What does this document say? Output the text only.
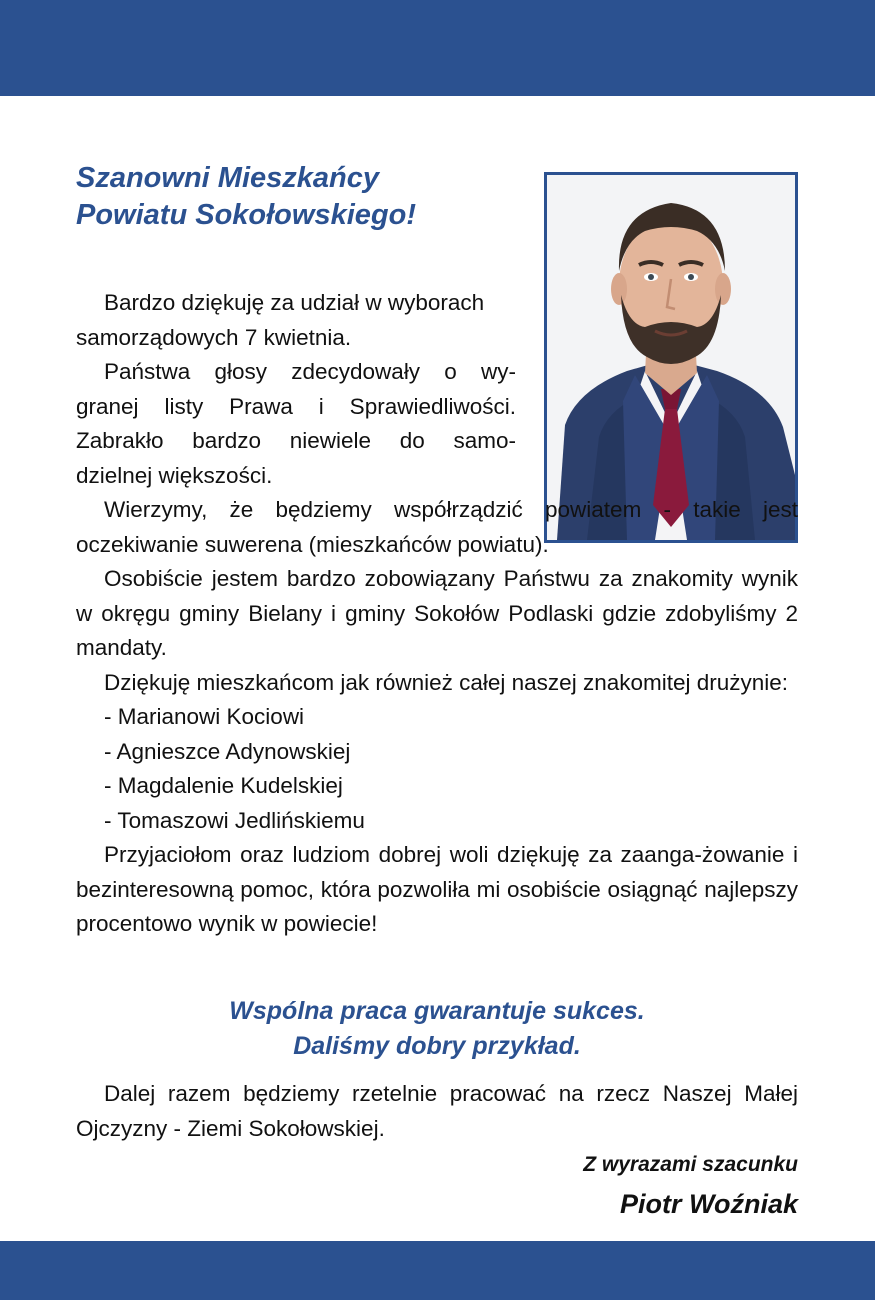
Szanowni Mieszkańcy
Powiatu Sokołowskiego!
Bardzo dziękuję za udział w wyborach
samorządowych 7 kwietnia.
Państwa głosy zdecydowały o wy-
granej listy Prawa i Sprawiedliwości.
Zabrakło bardzo niewiele do samo-
dzielnej większości.
Wierzymy, że będziemy współrządzić powiatem - takie jest oczekiwanie suwerena (mieszkańców powiatu).
Osobiście jestem bardzo zobowiązany Państwu za znakomity wynik w okręgu gminy Bielany i gminy Sokołów Podlaski gdzie zdobyliśmy 2 mandaty.
Dziękuję mieszkańcom jak również całej naszej znakomitej drużynie:
- Marianowi Kociowi
- Agnieszce Adynowskiej
- Magdalenie Kudelskiej
- Tomaszowi Jedlińskiemu
Przyjaciołom oraz ludziom dobrej woli dziękuję za zaanga-żowanie i bezinteresowną pomoc, która pozwoliła mi osobiście osiągnąć najlepszy procentowo wynik w powiecie!
Wspólna praca gwarantuje sukces.
Daliśmy dobry przykład.
Dalej razem będziemy rzetelnie pracować na rzecz Naszej Małej Ojczyzny - Ziemi Sokołowskiej.
Z wyrazami szacunku
Piotr Woźniak
